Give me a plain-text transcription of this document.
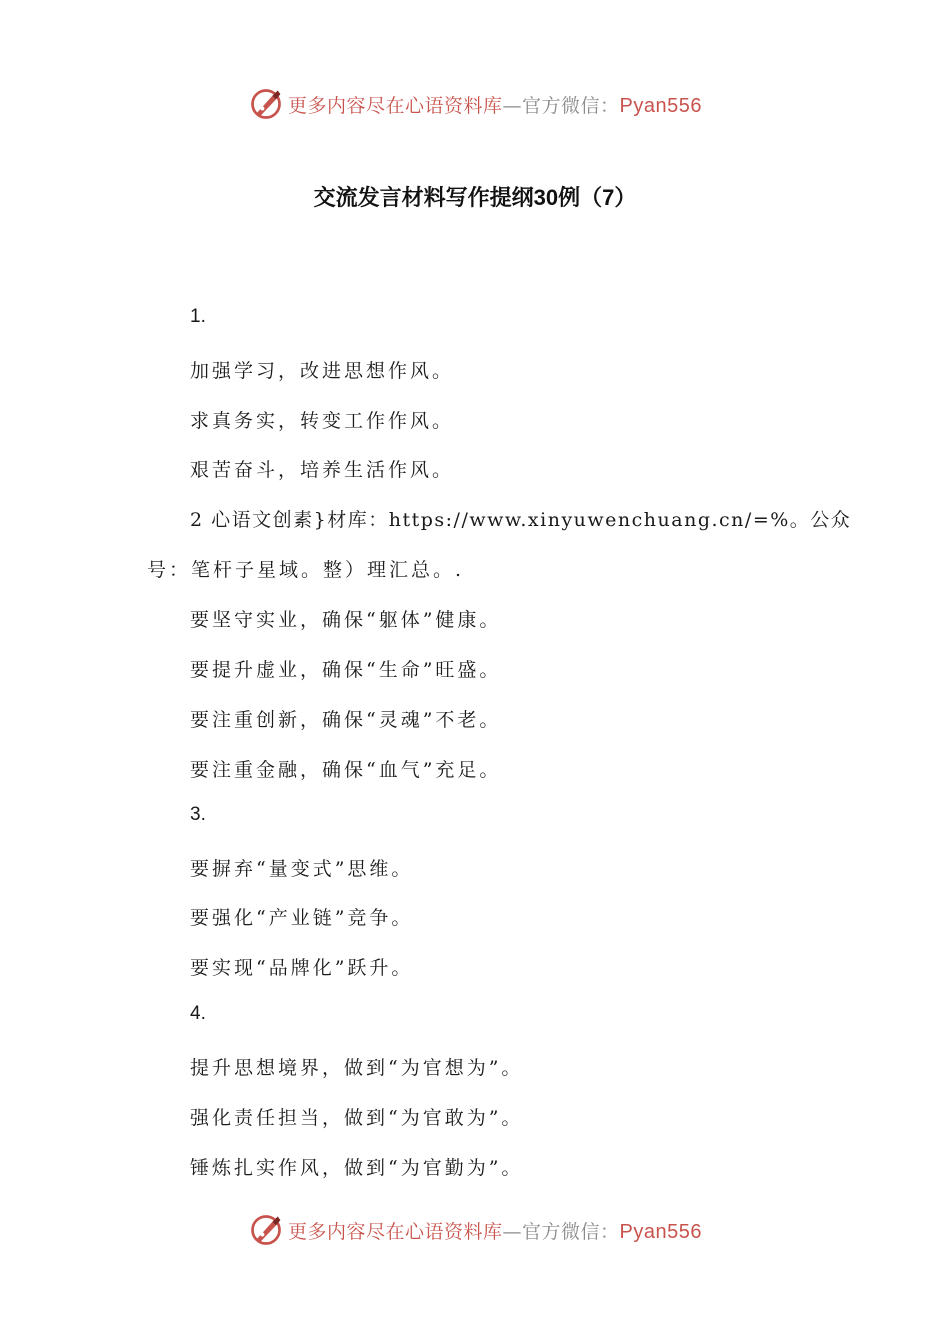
更多内容尽在心语资料库—官方微信：Pyan556
交流发言材料写作提纲30例（7）
1.
加强学习，改进思想作风。
求真务实，转变工作作风。
艰苦奋斗，培养生活作风。
2 心语文创素}材库：https://www.xinyuwenchuang.cn/=%。公众
号：笔杆子星域。整）理汇总。.
要坚守实业，确保“躯体”健康。
要提升虚业，确保“生命”旺盛。
要注重创新，确保“灵魂”不老。
要注重金融，确保“血气”充足。
3.
要摒弃“量变式”思维。
要强化“产业链”竞争。
要实现“品牌化”跃升。
4.
提升思想境界，做到“为官想为”。
强化责任担当，做到“为官敢为”。
锤炼扎实作风，做到“为官勤为”。
更多内容尽在心语资料库—官方微信：Pyan556
